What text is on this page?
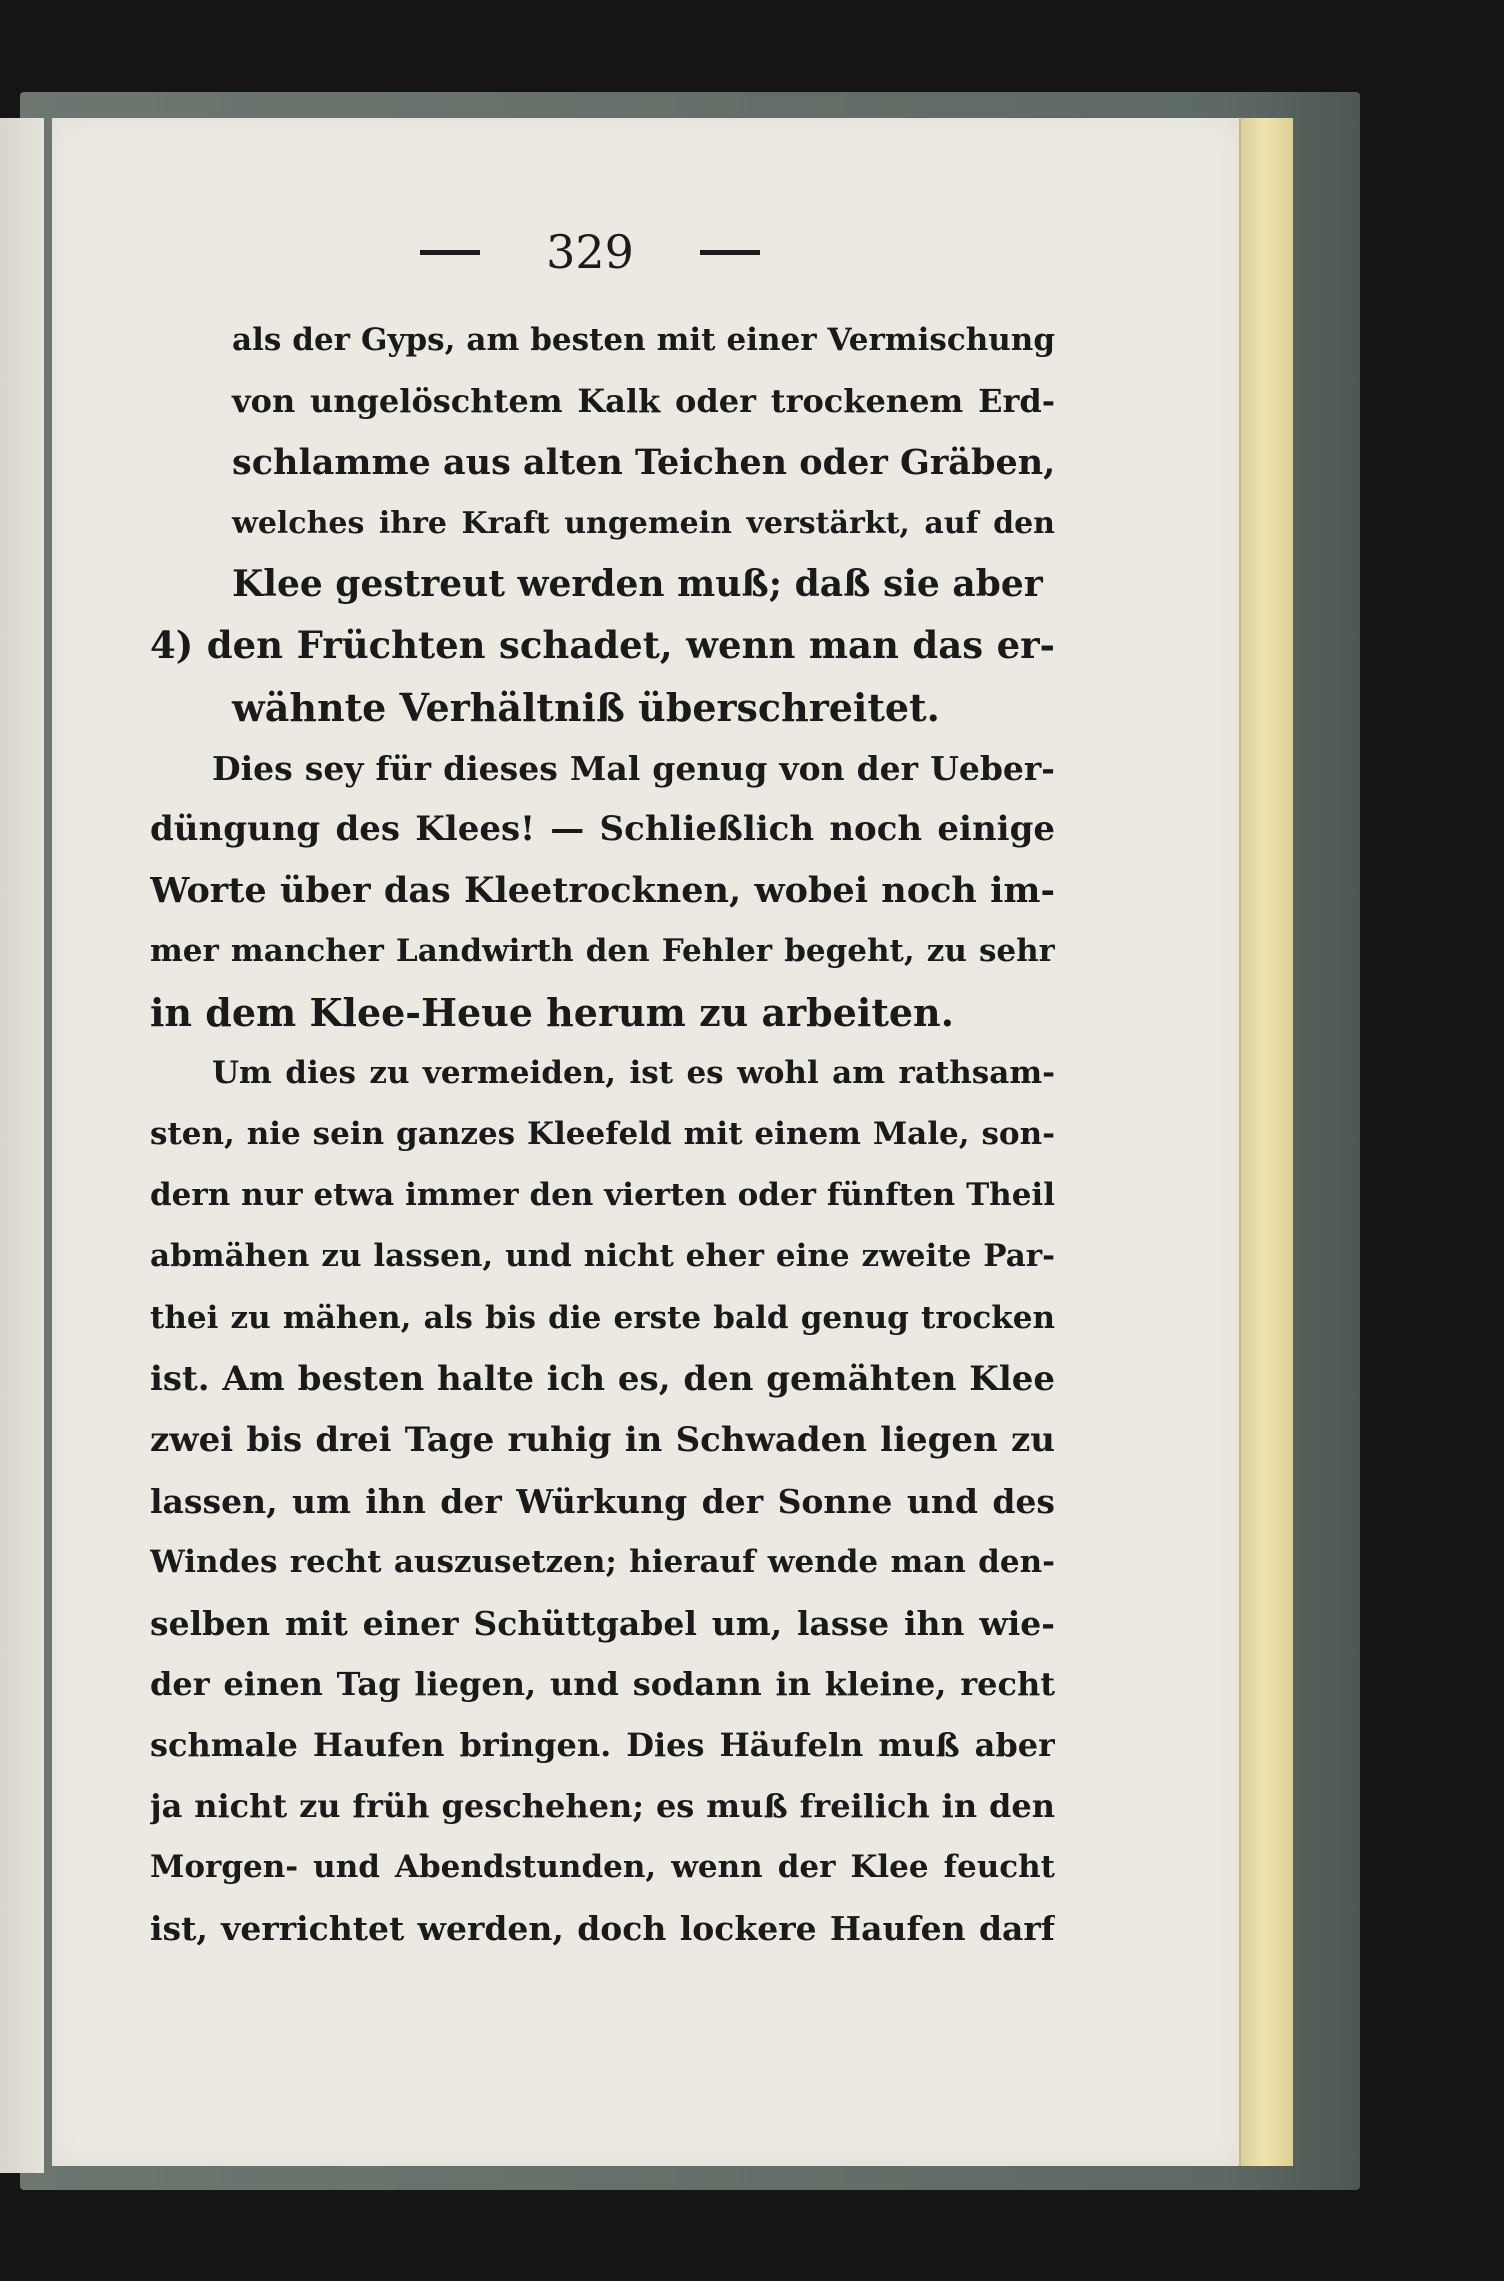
329
als der Gyps, am besten mit einer Vermischung
von ungelöschtem Kalk oder trockenem Erd-
schlamme aus alten Teichen oder Gräben,
welches ihre Kraft ungemein verstärkt, auf den
Klee gestreut werden muß; daß sie aber
4) den Früchten schadet, wenn man das er-
wähnte Verhältniß überschreitet.
Dies sey für dieses Mal genug von der Ueber-
düngung des Klees! — Schließlich noch einige
Worte über das Kleetrocknen, wobei noch im-
mer mancher Landwirth den Fehler begeht, zu sehr
in dem Klee-Heue herum zu arbeiten.
Um dies zu vermeiden, ist es wohl am rathsam-
sten, nie sein ganzes Kleefeld mit einem Male, son-
dern nur etwa immer den vierten oder fünften Theil
abmähen zu lassen, und nicht eher eine zweite Par-
thei zu mähen, als bis die erste bald genug trocken
ist. Am besten halte ich es, den gemähten Klee
zwei bis drei Tage ruhig in Schwaden liegen zu
lassen, um ihn der Würkung der Sonne und des
Windes recht auszusetzen; hierauf wende man den-
selben mit einer Schüttgabel um, lasse ihn wie-
der einen Tag liegen, und sodann in kleine, recht
schmale Haufen bringen. Dies Häufeln muß aber
ja nicht zu früh geschehen; es muß freilich in den
Morgen- und Abendstunden, wenn der Klee feucht
ist, verrichtet werden, doch lockere Haufen darf
